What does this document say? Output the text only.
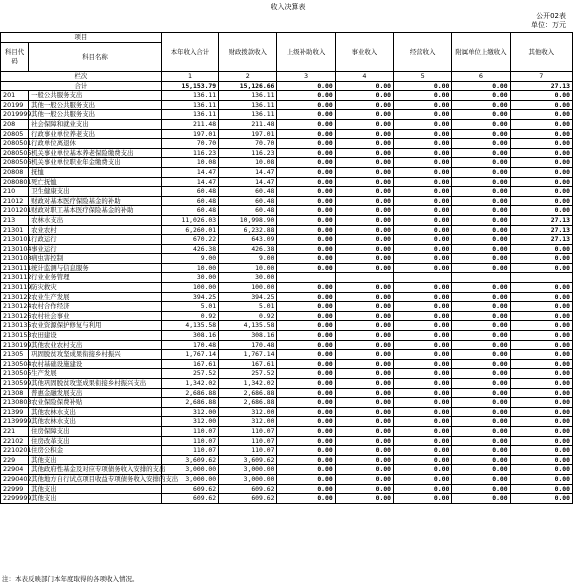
收入决算表
公开02表
单位：万元
项目		本年收入合计	财政拨款收入	上级补助收入	事业收入	经营收入	附属单位上缴收入	其他收入
科目代码	科目名称							
栏次		1	2	3	4	5	6	7
合计		15,153.79	15,126.66	0.00	0.00	0.00	0.00	27.13
201	一般公共服务支出	136.11	136.11	0.00	0.00	0.00	0.00	0.00
20199	其他一般公共服务支出	136.11	136.11	0.00	0.00	0.00	0.00	0.00
2019999	其他一般公共服务支出	136.11	136.11	0.00	0.00	0.00	0.00	0.00
208	社会保障和就业支出	211.48	211.48	0.00	0.00	0.00	0.00	0.00
20805	行政事业单位养老支出	197.01	197.01	0.00	0.00	0.00	0.00	0.00
2080501	行政单位离退休	70.70	70.70	0.00	0.00	0.00	0.00	0.00
2080505	机关事业单位基本养老保险缴费支出	116.23	116.23	0.00	0.00	0.00	0.00	0.00
2080506	机关事业单位职业年金缴费支出	10.08	10.08	0.00	0.00	0.00	0.00	0.00
20808	抚恤	14.47	14.47	0.00	0.00	0.00	0.00	0.00
2080801	死亡抚恤	14.47	14.47	0.00	0.00	0.00	0.00	0.00
210	卫生健康支出	60.48	60.48	0.00	0.00	0.00	0.00	0.00
21012	财政对基本医疗保险基金的补助	60.48	60.48	0.00	0.00	0.00	0.00	0.00
2101201	财政对职工基本医疗保险基金的补助	60.48	60.48	0.00	0.00	0.00	0.00	0.00
213	农林水支出	11,026.03	10,998.90	0.00	0.00	0.00	0.00	27.13
21301	农业农村	6,260.01	6,232.88	0.00	0.00	0.00	0.00	27.13
2130101	行政运行	670.22	643.09	0.00	0.00	0.00	0.00	27.13
2130104	事业运行	426.38	426.38	0.00	0.00	0.00	0.00	0.00
2130108	病虫害控制	9.00	9.00	0.00	0.00	0.00	0.00	0.00
2130111	统计监测与信息服务	10.00	10.00	0.00	0.00	0.00	0.00	0.00
2130112	行业业务管理	30.00	30.00					
2130119	防灾救灾	100.00	100.00	0.00	0.00	0.00	0.00	0.00
2130122	农业生产发展	394.25	394.25	0.00	0.00	0.00	0.00	0.00
2130124	农村合作经济	5.01	5.01	0.00	0.00	0.00	0.00	0.00
2130126	农村社会事业	0.92	0.92	0.00	0.00	0.00	0.00	0.00
2130135	农业资源保护修复与利用	4,135.58	4,135.58	0.00	0.00	0.00	0.00	0.00
2130153	农田建设	308.16	308.16	0.00	0.00	0.00	0.00	0.00
2130199	其他农业农村支出	170.48	170.48	0.00	0.00	0.00	0.00	0.00
21305	巩固脱贫攻坚成果衔接乡村振兴	1,767.14	1,767.14	0.00	0.00	0.00	0.00	0.00
2130504	农村基础设施建设	167.61	167.61	0.00	0.00	0.00	0.00	0.00
2130505	生产发展	257.52	257.52	0.00	0.00	0.00	0.00	0.00
2130599	其他巩固脱贫攻坚成果衔接乡村振兴支出	1,342.02	1,342.02	0.00	0.00	0.00	0.00	0.00
21308	普惠金融发展支出	2,686.88	2,686.88	0.00	0.00	0.00	0.00	0.00
2130803	农业保险保费补贴	2,686.88	2,686.88	0.00	0.00	0.00	0.00	0.00
21399	其他农林水支出	312.00	312.00	0.00	0.00	0.00	0.00	0.00
2139999	其他农林水支出	312.00	312.00	0.00	0.00	0.00	0.00	0.00
221	住房保障支出	110.07	110.07	0.00	0.00	0.00	0.00	0.00
22102	住房改革支出	110.07	110.07	0.00	0.00	0.00	0.00	0.00
2210201	住房公积金	110.07	110.07	0.00	0.00	0.00	0.00	0.00
229	其他支出	3,609.62	3,609.62	0.00	0.00	0.00	0.00	0.00
22904	其他政府性基金及对应专项债务收入安排的支出	3,000.00	3,000.00	0.00	0.00	0.00	0.00	0.00
2290402	其他地方自行试点项目收益专项债务收入安排的支出	3,000.00	3,000.00	0.00	0.00	0.00	0.00	0.00
22999	其他支出	609.62	609.62	0.00	0.00	0.00	0.00	0.00
2299999	其他支出	609.62	609.62	0.00	0.00	0.00	0.00	0.00
注：本表反映部门本年度取得的各项收入情况。
